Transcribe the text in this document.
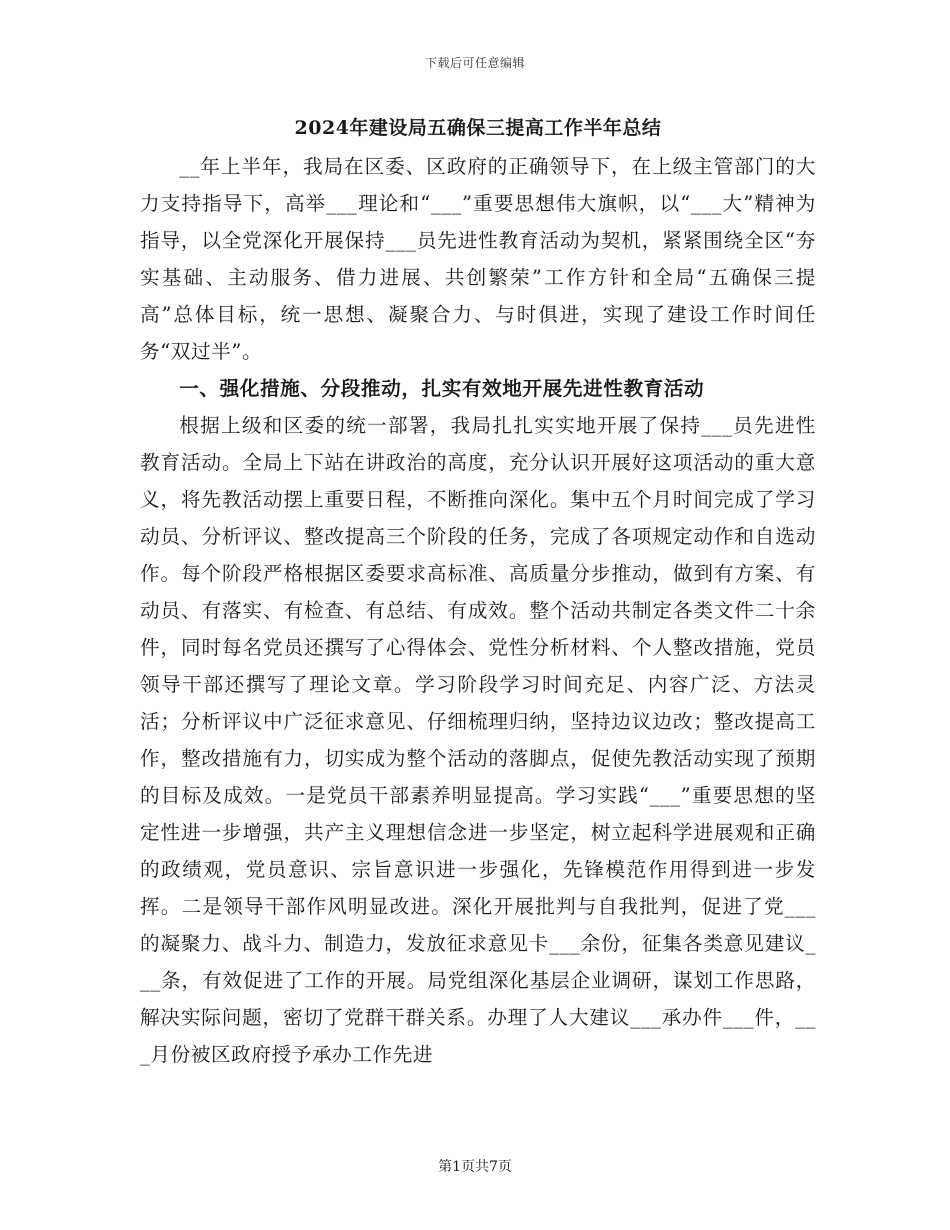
下载后可任意编辑
2024年建设局五确保三提高工作半年总结

__年上半年，我局在区委、区政府的正确领导下，在上级主管部门的大力支持指导下，高举___理论和“___”重要思想伟大旗帜，以“___大”精神为指导，以全党深化开展保持___员先进性教育活动为契机，紧紧围绕全区“夯实基础、主动服务、借力进展、共创繁荣”工作方针和全局“五确保三提高”总体目标，统一思想、凝聚合力、与时俱进，实现了建设工作时间任务“双过半”。

一、强化措施、分段推动，扎实有效地开展先进性教育活动

根据上级和区委的统一部署，我局扎扎实实地开展了保持___员先进性教育活动。全局上下站在讲政治的高度，充分认识开展好这项活动的重大意义，将先教活动摆上重要日程，不断推向深化。集中五个月时间完成了学习动员、分析评议、整改提高三个阶段的任务，完成了各项规定动作和自选动作。每个阶段严格根据区委要求高标准、高质量分步推动，做到有方案、有动员、有落实、有检查、有总结、有成效。整个活动共制定各类文件二十余件，同时每名党员还撰写了心得体会、党性分析材料、个人整改措施，党员领导干部还撰写了理论文章。学习阶段学习时间充足、内容广泛、方法灵活；分析评议中广泛征求意见、仔细梳理归纳，坚持边议边改；整改提高工作，整改措施有力，切实成为整个活动的落脚点，促使先教活动实现了预期的目标及成效。一是党员干部素养明显提高。学习实践“___”重要思想的坚定性进一步增强，共产主义理想信念进一步坚定，树立起科学进展观和正确的政绩观，党员意识、宗旨意识进一步强化，先锋模范作用得到进一步发挥。二是领导干部作风明显改进。深化开展批判与自我批判，促进了党___的凝聚力、战斗力、制造力，发放征求意见卡___余份，征集各类意见建议___条，有效促进了工作的开展。局党组深化基层企业调研，谋划工作思路，解决实际问题，密切了党群干群关系。办理了人大建议___承办件___件，___月份被区政府授予承办工作先进

第1页共7页
